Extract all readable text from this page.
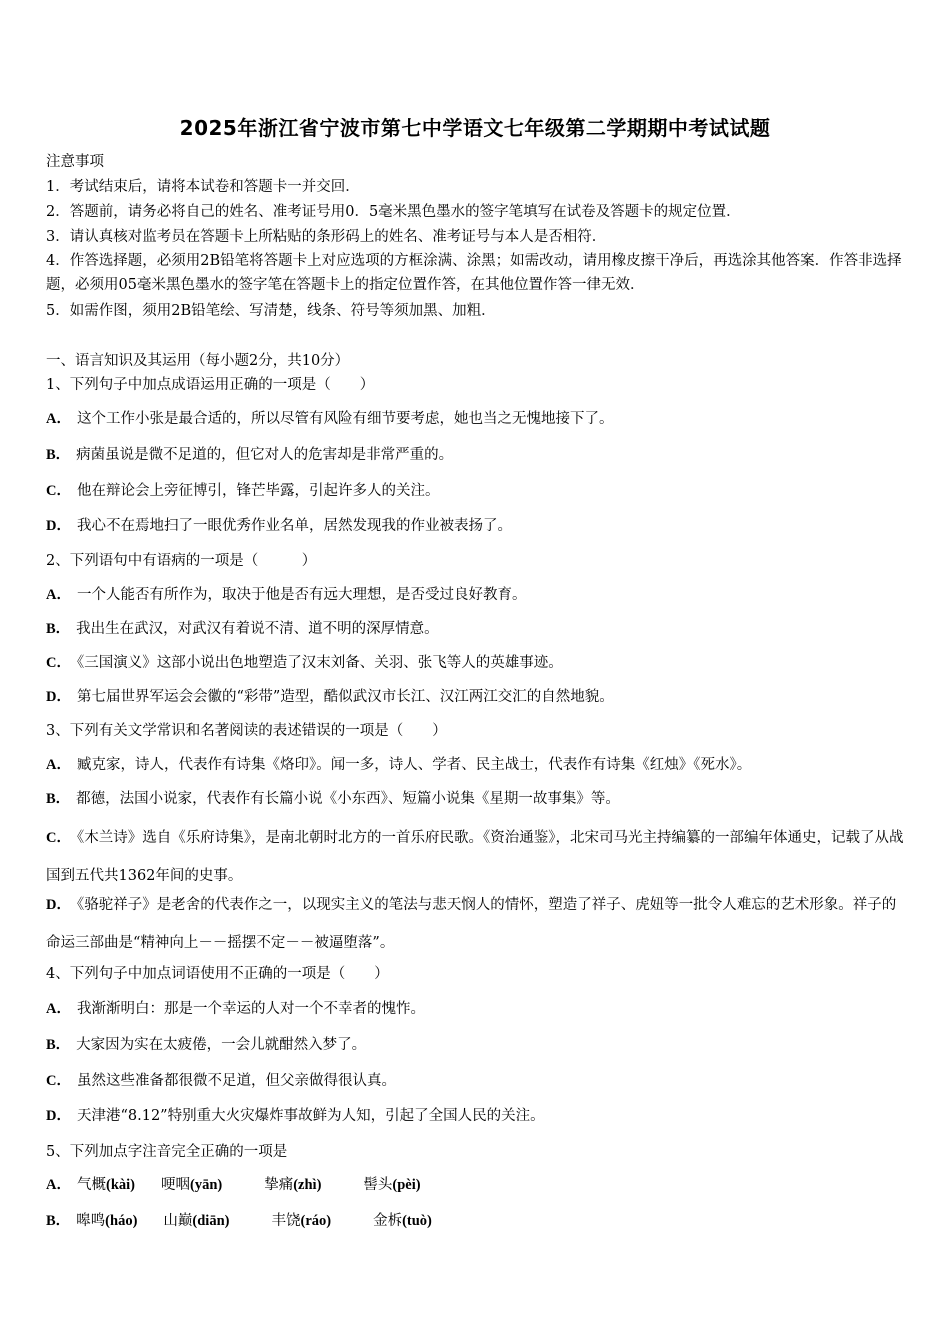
2025年浙江省宁波市第七中学语文七年级第二学期期中考试试题
注意事项
1．考试结束后，请将本试卷和答题卡一并交回．
2．答题前，请务必将自己的姓名、准考证号用0．5毫米黑色墨水的签字笔填写在试卷及答题卡的规定位置．
3．请认真核对监考员在答题卡上所粘贴的条形码上的姓名、准考证号与本人是否相符．
4．作答选择题，必须用2B铅笔将答题卡上对应选项的方框涂满、涂黑；如需改动，请用橡皮擦干净后，再选涂其他答案．作答非选择题，必须用05毫米黑色墨水的签字笔在答题卡上的指定位置作答，在其他位置作答一律无效．
5．如需作图，须用2B铅笔绘、写清楚，线条、符号等须加黑、加粗．
一、语言知识及其运用（每小题2分，共10分）
1、下列句子中加点成语运用正确的一项是（　　）
A． 这个工作小张是最合适的，所以尽管有风险有细节要考虑，她也当之无愧地接下了。
B． 病菌虽说是微不足道的，但它对人的危害却是非常严重的。
C． 他在辩论会上旁征博引，锋芒毕露，引起许多人的关注。
D． 我心不在焉地扫了一眼优秀作业名单，居然发现我的作业被表扬了。
2、下列语句中有语病的一项是（　　　）
A． 一个人能否有所作为，取决于他是否有远大理想，是否受过良好教育。
B． 我出生在武汉，对武汉有着说不清、道不明的深厚情意。
C． 《三国演义》这部小说出色地塑造了汉末刘备、关羽、张飞等人的英雄事迹。
D． 第七届世界军运会会徽的“彩带”造型，酷似武汉市长江、汉江两江交汇的自然地貌。
3、下列有关文学常识和名著阅读的表述错误的一项是（　　）
A． 臧克家，诗人，代表作有诗集《烙印》。闻一多，诗人、学者、民主战士，代表作有诗集《红烛》《死水》。
B． 都德，法国小说家，代表作有长篇小说《小东西》、短篇小说集《星期一故事集》等。
C． 《木兰诗》选自《乐府诗集》，是南北朝时北方的一首乐府民歌。《资治通鉴》，北宋司马光主持编纂的一部编年体通史，记载了从战国到五代共1362年间的史事。
D． 《骆驼祥子》是老舍的代表作之一，以现实主义的笔法与悲天悯人的情怀，塑造了祥子、虎妞等一批令人难忘的艺术形象。祥子的命运三部曲是“精神向上－－摇摆不定－－被逼堕落”。
4、下列句子中加点词语使用不正确的一项是（　　）
A． 我渐渐明白：那是一个幸运的人对一个不幸者的愧怍。
B． 大家因为实在太疲倦，一会儿就酣然入梦了。
C． 虽然这些准备都很微不足道，但父亲做得很认真。
D． 天津港“8.12”特别重大火灾爆炸事故鲜为人知，引起了全国人民的关注。
5、下列加点字注音完全正确的一项是
A． 气概(kài) 哽咽(yān)	挚痛(zhì)	髻头(pèi)
B． 嗥鸣(háo) 山巅(diān)	丰饶(ráo)	金柝(tuò)
